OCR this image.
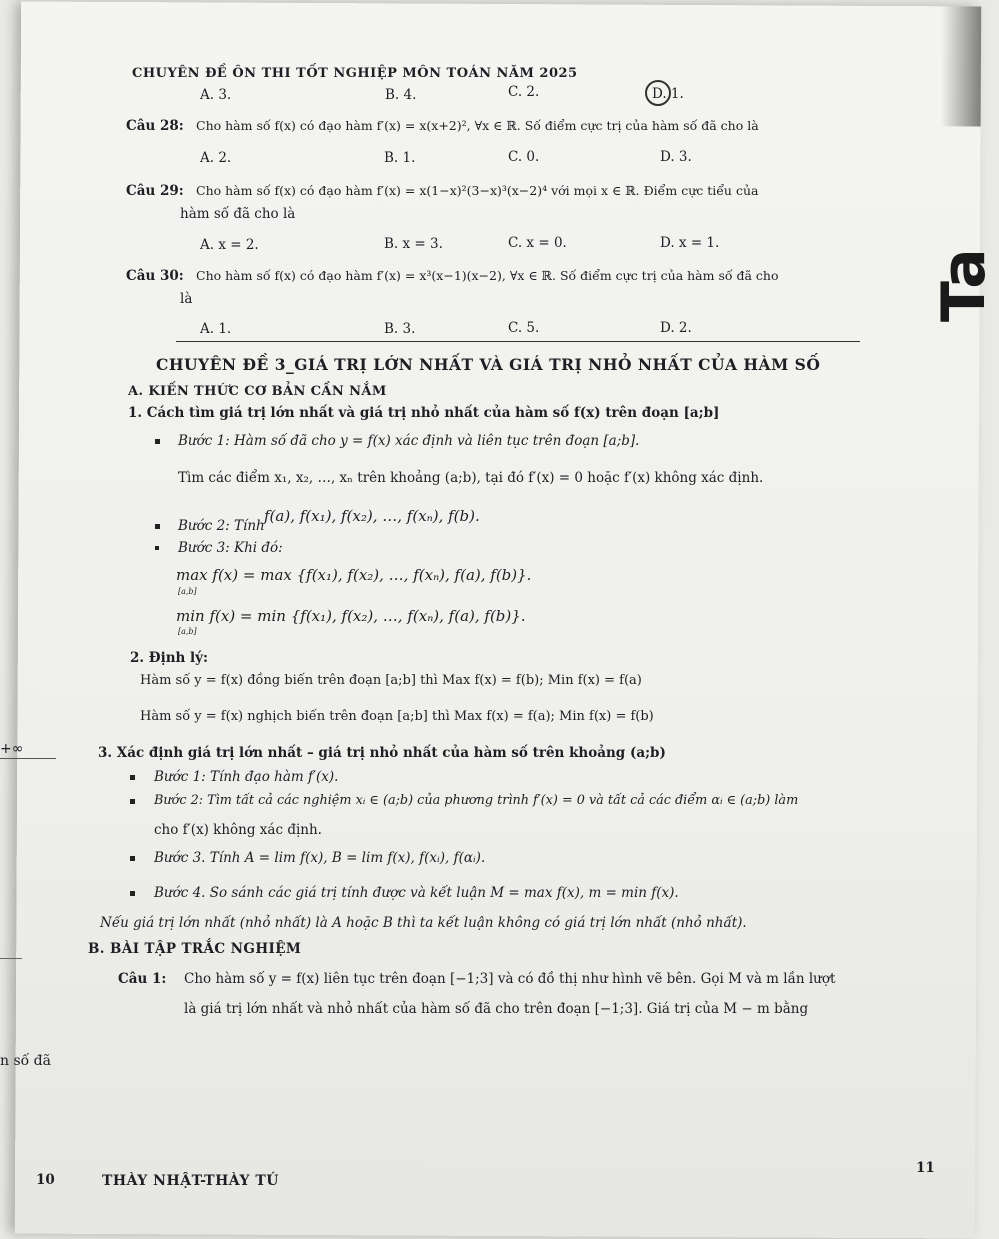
CHUYÊN ĐỀ ÔN THI TỐT NGHIỆP MÔN TOÁN NĂM 2025
A. 3.	B. 4.	C. 2.	D. 1.
Câu 28: Cho hàm số f(x) có đạo hàm f′(x) = x(x+2)², ∀x ∈ ℝ. Số điểm cực trị của hàm số đã cho là
A. 2.	B. 1.	C. 0.	D. 3.
Câu 29: Cho hàm số f(x) có đạo hàm f′(x) = x(1−x)²(3−x)³(x−2)⁴ với mọi x ∈ ℝ. Điểm cực tiểu của
hàm số đã cho là
A. x = 2.	B. x = 3.	C. x = 0.	D. x = 1.
Câu 30: Cho hàm số f(x) có đạo hàm f′(x) = x³(x−1)(x−2), ∀x ∈ ℝ. Số điểm cực trị của hàm số đã cho
là
A. 1.	B. 3.	C. 5.	D. 2.
CHUYÊN ĐỀ 3_GIÁ TRỊ LỚN NHẤT VÀ GIÁ TRỊ NHỎ NHẤT CỦA HÀM SỐ
A. KIẾN THỨC CƠ BẢN CẦN NẮM
1. Cách tìm giá trị lớn nhất và giá trị nhỏ nhất của hàm số f(x) trên đoạn [a;b]
Bước 1: Hàm số đã cho y = f(x) xác định và liên tục trên đoạn [a;b].
Tìm các điểm x₁, x₂, …, xₙ trên khoảng (a;b), tại đó f′(x) = 0 hoặc f′(x) không xác định.
Bước 2: Tính
f(a), f(x₁), f(x₂), …, f(xₙ), f(b).
Bước 3: Khi đó:
max f(x) = max {f(x₁), f(x₂), …, f(xₙ), f(a), f(b)}.
[a,b]
min f(x) = min {f(x₁), f(x₂), …, f(xₙ), f(a), f(b)}.
[a,b]
2. Định lý:
Hàm số y = f(x) đồng biến trên đoạn [a;b] thì Max f(x) = f(b); Min f(x) = f(a)
Hàm số y = f(x) nghịch biến trên đoạn [a;b] thì Max f(x) = f(a); Min f(x) = f(b)
+∞	3. Xác định giá trị lớn nhất – giá trị nhỏ nhất của hàm số trên khoảng (a;b)
Bước 1: Tính đạo hàm f′(x).
Bước 2: Tìm tất cả các nghiệm xᵢ ∈ (a;b) của phương trình f′(x) = 0 và tất cả các điểm αᵢ ∈ (a;b) làm
cho f′(x) không xác định.
Bước 3. Tính A = lim f(x), B = lim f(x), f(xᵢ), f(αᵢ).
Bước 4. So sánh các giá trị tính được và kết luận M = max f(x), m = min f(x).
Nếu giá trị lớn nhất (nhỏ nhất) là A hoặc B thì ta kết luận không có giá trị lớn nhất (nhỏ nhất).
B. BÀI TẬP TRẮC NGHIỆM
Câu 1: Cho hàm số y = f(x) liên tục trên đoạn [−1;3] và có đồ thị như hình vẽ bên. Gọi M và m lần lượt
là giá trị lớn nhất và nhỏ nhất của hàm số đã cho trên đoạn [−1;3]. Giá trị của M − m bằng
n số đã
Ta
10	THÀY NHẬT-THÀY TÚ
11
